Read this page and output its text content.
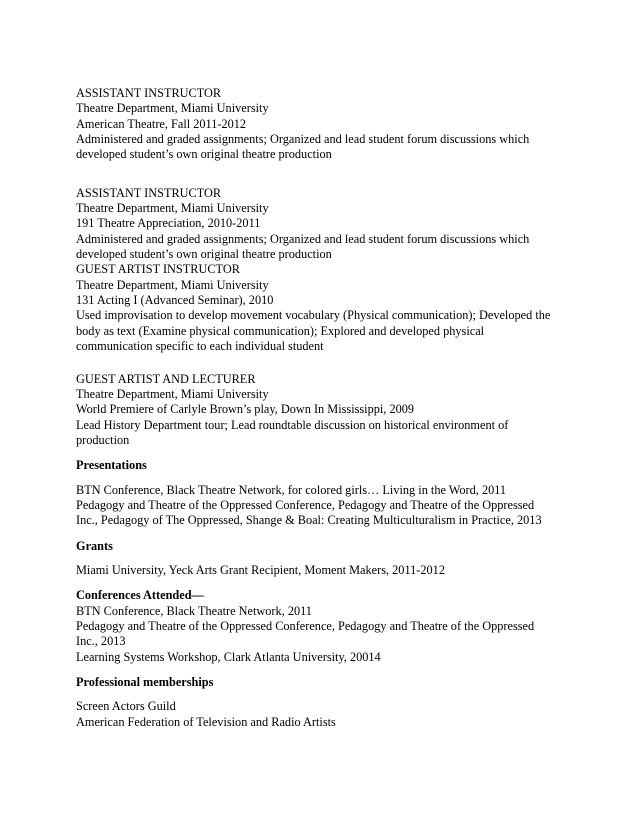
ASSISTANT INSTRUCTOR
Theatre Department, Miami University
American Theatre, Fall 2011-2012
Administered and graded assignments; Organized and lead student forum discussions which
developed student’s own original theatre production
ASSISTANT INSTRUCTOR
Theatre Department, Miami University
191 Theatre Appreciation, 2010-2011
Administered and graded assignments; Organized and lead student forum discussions which
developed student’s own original theatre production
GUEST ARTIST INSTRUCTOR
Theatre Department, Miami University
131 Acting I (Advanced Seminar), 2010
Used improvisation to develop movement vocabulary (Physical communication); Developed the
body as text (Examine physical communication); Explored and developed physical
communication specific to each individual student
GUEST ARTIST AND LECTURER
Theatre Department, Miami University
World Premiere of Carlyle Brown’s play, Down In Mississippi, 2009
Lead History Department tour; Lead roundtable discussion on historical environment of
production
Presentations
BTN Conference, Black Theatre Network, for colored girls… Living in the Word, 2011
Pedagogy and Theatre of the Oppressed Conference, Pedagogy and Theatre of the Oppressed
Inc., Pedagogy of The Oppressed, Shange & Boal: Creating Multiculturalism in Practice, 2013
Grants
Miami University, Yeck Arts Grant Recipient, Moment Makers, 2011-2012
Conferences Attended—
BTN Conference, Black Theatre Network, 2011
Pedagogy and Theatre of the Oppressed Conference, Pedagogy and Theatre of the Oppressed
Inc., 2013
Learning Systems Workshop, Clark Atlanta University, 20014
Professional memberships
Screen Actors Guild
American Federation of Television and Radio Artists
